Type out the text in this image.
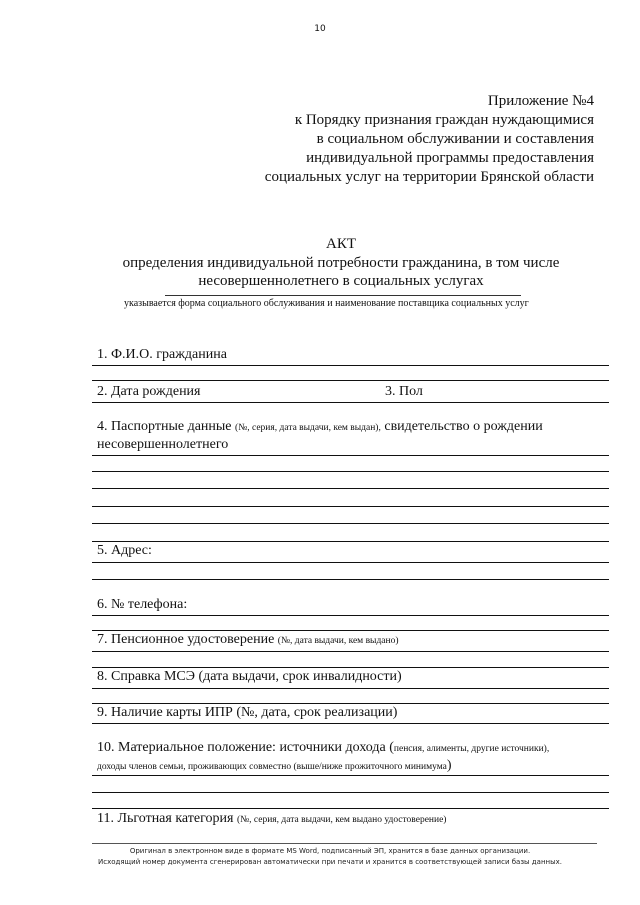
10
Приложение №4
к Порядку признания граждан нуждающимися
в социальном обслуживании и составления
индивидуальной программы предоставления
социальных услуг на территории Брянской области
АКТ
определения индивидуальной потребности гражданина, в том числе
несовершеннолетнего в социальных услугах
указывается форма социального обслуживания и наименование поставщика социальных услуг
1. Ф.И.О. гражданина
2. Дата рождения	3. Пол
4. Паспортные данные (№, серия, дата выдачи, кем выдан), свидетельство о рождении
несовершеннолетнего
5. Адрес:
6. № телефона:
7. Пенсионное удостоверение (№, дата выдачи, кем выдано)
8. Справка МСЭ (дата выдачи, срок инвалидности)
9. Наличие карты ИПР (№, дата, срок реализации)
10. Материальное положение: источники дохода (пенсия, алименты, другие источники),
доходы членов семьи, проживающих совместно (выше/ниже прожиточного минимума)
11. Льготная категория (№, серия, дата выдачи, кем выдано удостоверение)
Оригинал в электронном виде в формате MS Word, подписанный ЭП, хранится в базе данных организации.
Исходящий номер документа сгенерирован автоматически при печати и хранится в соответствующей записи базы данных.
